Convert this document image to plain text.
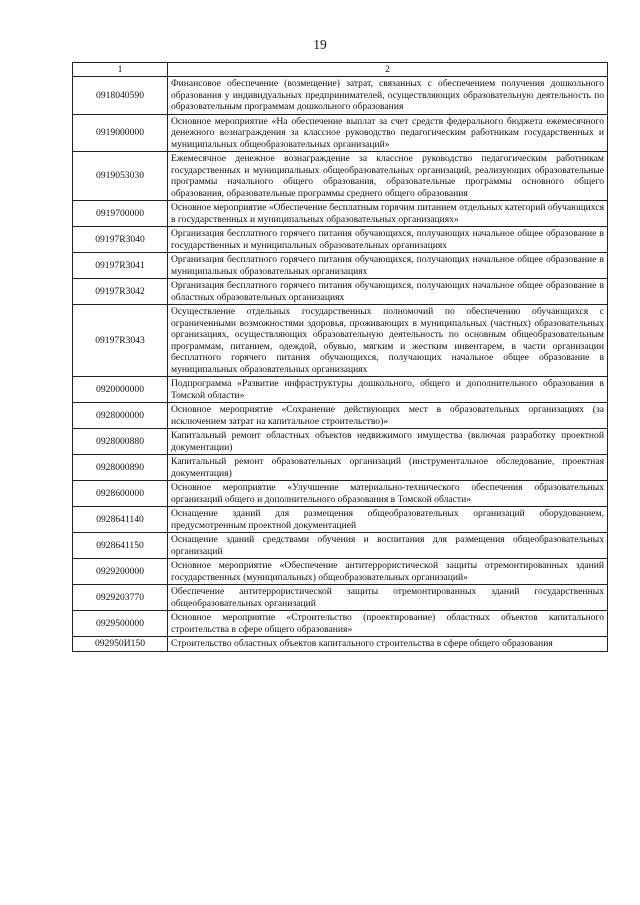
19
1	2
0918040590	Финансовое обеспечение (возмещение) затрат, связанных с обеспечением получения дошкольного образования у индивидуальных предпринимателей, осуществляющих образовательную деятельность по образовательным программам дошкольного образования
0919000000	Основное мероприятие «На обеспечение выплат за счет средств федерального бюджета ежемесячного денежного вознаграждения за классное руководство педагогическим работникам государственных и муниципальных общеобразовательных организаций»
0919053030	Ежемесячное денежное вознаграждение за классное руководство педагогическим работникам государственных и муниципальных общеобразовательных организаций, реализующих образовательные программы начального общего образования, образовательные программы основного общего образования, образовательные программы среднего общего образования
0919700000	Основное мероприятие «Обеспечение бесплатным горячим питанием отдельных категорий обучающихся в государственных и муниципальных образовательных организациях»
09197R3040	Организация бесплатного горячего питания обучающихся, получающих начальное общее образование в государственных и муниципальных образовательных организациях
09197R3041	Организация бесплатного горячего питания обучающихся, получающих начальное общее образование в муниципальных образовательных организациях
09197R3042	Организация бесплатного горячего питания обучающихся, получающих начальное общее образование в областных образовательных организациях
09197R3043	Осуществление отдельных государственных полномочий по обеспечению обучающихся с ограниченными возможностями здоровья, проживающих в муниципальных (частных) образовательных организациях, осуществляющих образовательную деятельность по основным общеобразовательным программам, питанием, одеждой, обувью, мягким и жестким инвентарем, в части организации бесплатного горячего питания обучающихся, получающих начальное общее образование в муниципальных образовательных организациях
0920000000	Подпрограмма «Развитие инфраструктуры дошкольного, общего и дополнительного образования в Томской области»
0928000000	Основное мероприятие «Сохранение действующих мест в образовательных организациях (за исключением затрат на капитальное строительство)»
0928000880	Капитальный ремонт областных объектов недвижимого имущества (включая разработку проектной документации)
0928000890	Капитальный ремонт образовательных организаций (инструментальное обследование, проектная документация)
0928600000	Основное мероприятие «Улучшение материально-технического обеспечения образовательных организаций общего и дополнительного образования в Томской области»
0928641140	Оснащение зданий для размещения общеобразовательных организаций оборудованием, предусмотренным проектной документацией
0928641150	Оснащение зданий средствами обучения и воспитания для размещения общеобразовательных организаций
0929200000	Основное мероприятие «Обеспечение антитеррористической защиты отремонтированных зданий государственных (муниципальных) общеобразовательных организаций»
0929203770	Обеспечение антитеррористической защиты отремонтированных зданий государственных общеобразовательных организаций
0929500000	Основное мероприятие «Строительство (проектирование) областных объектов капитального строительства в сфере общего образования»
092950И150	Строительство областных объектов капитального строительства в сфере общего образования
